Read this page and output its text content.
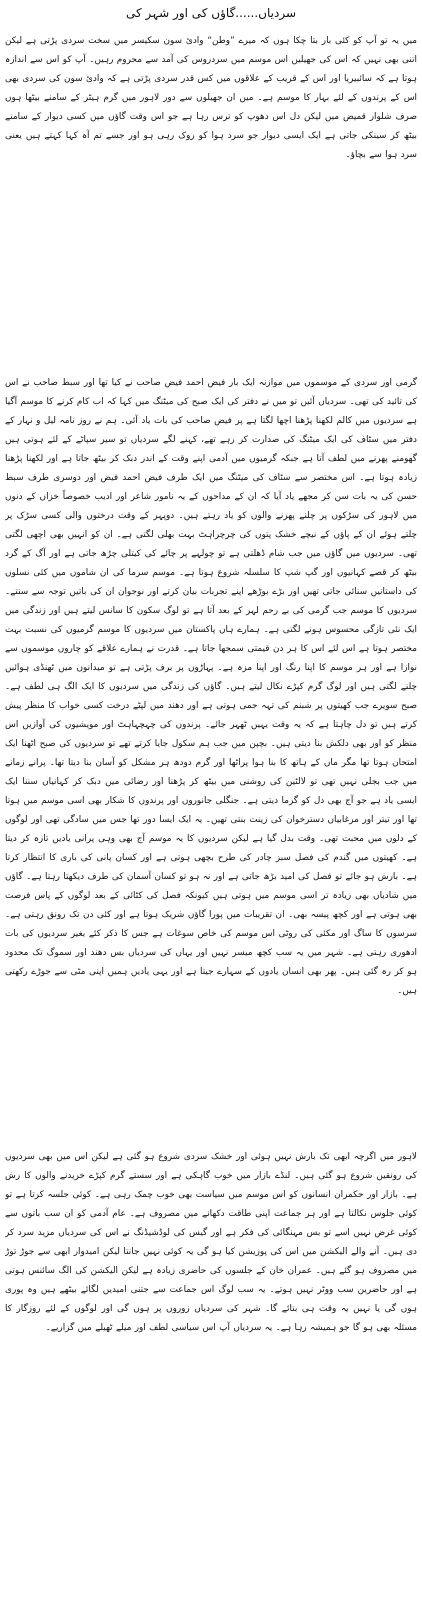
سردیاں......گاؤں کی اور شہر کی

میں یہ تو آپ کو کئی بار بتا چکا ہوں کہ میرے ”وطن“ وادیٔ سون سکیسر میں سخت سردی پڑتی ہے لیکن اتنی بھی نہیں کہ اس کی جھیلیں اس موسم میں سردروس کی آمد سے محروم رہیں۔ آپ کو اس سے اندازہ ہوتا ہے کہ سائبیریا اور اس کے قریب کے علاقوں میں کس قدر سردی پڑتی ہے کہ وادیٔ سون کی سردی بھی اس کے پرندوں کے لئے بہار کا موسم ہے۔ میں ان جھیلوں سے دور لاہور میں گرم ہیٹر کے سامنے بیٹھا ہوں صرف شلوار قمیض میں لیکن دل اس دھوپ کو ترس رہا ہے جو اس وقت گاؤں میں کسی دیوار کے سامنے بیٹھ کر سینکی جاتی ہے ایک ایسی دیوار جو سرد ہوا کو روک رہی ہو اور جسے تم آہ کہا کہتے ہیں یعنی سرد ہوا سے بچاؤ۔

گرمی اور سردی کے موسموں میں موازنہ ایک بار فیض احمد فیض صاحب نے کیا تھا اور سبط صاحب نے اس کی تائید کی تھی۔ سردیاں آئیں تو میں نے دفتر کی ایک صبح کی میٹنگ میں کہا کہ اب کام کرنے کا موسم آگیا ہے سردیوں میں کالم لکھنا پڑھنا اچھا لگتا ہے پر فیض صاحب کی بات یاد آئی۔ ہم نے روز نامہ لیل و نہار کے دفتر میں سٹاف کی ایک میٹنگ کی صدارت کر رہے تھے، کہنے لگے سردیاں تو سیر سپاٹے کے لئے ہوتی ہیں گھومنے پھرنے میں لطف آتا ہے جبکہ گرمیوں میں آدمی اپنے وقت کے اندر دبک کر بیٹھ جاتا ہے اور لکھنا پڑھنا زیادہ ہوتا ہے۔ اس مختصر سے سٹاف کی میٹنگ میں ایک طرف فیض احمد فیض اور دوسری طرف سبط حسن کی یہ بات سن کر مجھے یاد آیا کہ ان کے مداحوں کے یہ نامور شاعر اور ادیب خصوصاً خزاں کے دنوں میں لاہور کی سڑکوں پر چلنے پھرنے والوں کو یاد رہتے ہیں۔ دوپہر کے وقت درختوں والی کسی سڑک پر چلتے ہوئے ان کے پاؤں کے نیچے خشک پتوں کی چرچراہٹ بہت بھلی لگتی ہے۔ ان کو انہیں بھی اچھی لگتی تھی۔ سردیوں میں گاؤں میں جب شام ڈھلتی ہے تو چولہے پر چائے کی کیتلی چڑھ جاتی ہے اور آگ کے گرد بیٹھ کر قصے کہانیوں اور گپ شپ کا سلسلہ شروع ہوتا ہے۔ موسم سرما کی ان شاموں میں کئی نسلوں کی داستانیں سنائی جاتی تھیں اور بڑے بوڑھے اپنے تجربات بیان کرتے اور نوجوان ان کی باتیں توجہ سے سنتے۔ سردیوں کا موسم جب گرمی کی بے رحم لہر کے بعد آتا ہے تو لوگ سکون کا سانس لیتے ہیں اور زندگی میں ایک نئی تازگی محسوس ہونے لگتی ہے۔ ہمارے ہاں پاکستان میں سردیوں کا موسم گرمیوں کی نسبت بہت مختصر ہوتا ہے اس لئے اس کا ہر دن قیمتی سمجھا جاتا ہے۔ قدرت نے ہمارے علاقے کو چاروں موسموں سے نوازا ہے اور ہر موسم کا اپنا رنگ اور اپنا مزہ ہے۔ پہاڑوں پر برف پڑتی ہے تو میدانوں میں ٹھنڈی ہوائیں چلنے لگتی ہیں اور لوگ گرم کپڑے نکال لیتے ہیں۔ گاؤں کی زندگی میں سردیوں کا ایک الگ ہی لطف ہے۔ صبح سویرے جب کھیتوں پر شبنم کی تہہ جمی ہوتی ہے اور دھند میں لپٹے درخت کسی خواب کا منظر پیش کرتے ہیں تو دل چاہتا ہے کہ یہ وقت یہیں ٹھہر جائے۔ پرندوں کی چہچہاہٹ اور مویشیوں کی آوازیں اس منظر کو اور بھی دلکش بنا دیتی ہیں۔ بچپن میں جب ہم سکول جایا کرتے تھے تو سردیوں کی صبح اٹھنا ایک امتحان ہوتا تھا مگر ماں کے ہاتھ کا بنا ہوا پراٹھا اور گرم دودھ ہر مشکل کو آسان بنا دیتا تھا۔ پرانے زمانے میں جب بجلی نہیں تھی تو لالٹین کی روشنی میں بیٹھ کر پڑھنا اور رضائی میں دبک کر کہانیاں سننا ایک ایسی یاد ہے جو آج بھی دل کو گرما دیتی ہے۔ جنگلی جانوروں اور پرندوں کا شکار بھی اسی موسم میں ہوتا تھا اور تیتر اور مرغابیاں دسترخوان کی زینت بنتی تھیں۔ یہ ایک ایسا دور تھا جس میں سادگی تھی اور لوگوں کے دلوں میں محبت تھی۔ وقت بدل گیا ہے لیکن سردیوں کا یہ موسم آج بھی وہی پرانی یادیں تازہ کر دیتا ہے۔ کھیتوں میں گندم کی فصل سبز چادر کی طرح بچھی ہوتی ہے اور کسان پانی کی باری کا انتظار کرتا ہے۔ بارش ہو جائے تو فصل کی امید بڑھ جاتی ہے اور نہ ہو تو کسان آسمان کی طرف دیکھتا رہتا ہے۔ گاؤں میں شادیاں بھی زیادہ تر اسی موسم میں ہوتی ہیں کیونکہ فصل کی کٹائی کے بعد لوگوں کے پاس فرصت بھی ہوتی ہے اور کچھ پیسہ بھی۔ ان تقریبات میں پورا گاؤں شریک ہوتا ہے اور کئی دن تک رونق رہتی ہے۔ سرسوں کا ساگ اور مکئی کی روٹی اس موسم کی خاص سوغات ہے جس کا ذکر کئے بغیر سردیوں کی بات ادھوری رہتی ہے۔ شہر میں یہ سب کچھ میسر نہیں اور یہاں کی سردیاں بس دھند اور سموگ تک محدود ہو کر رہ گئی ہیں۔ پھر بھی انسان یادوں کے سہارے جیتا ہے اور یہی یادیں ہمیں اپنی مٹی سے جوڑے رکھتی ہیں۔

لاہور میں اگرچہ ابھی تک بارش نہیں ہوئی اور خشک سردی شروع ہو گئی ہے لیکن اس میں بھی سردیوں کی رونقیں شروع ہو گئی ہیں۔ لنڈے بازار میں خوب گاہکی ہے اور سستے گرم کپڑے خریدنے والوں کا رش ہے۔ بازار اور حکمران انسانوں کو اس موسم میں سیاست بھی خوب چمک رہی ہے۔ کوئی جلسہ کرتا ہے تو کوئی جلوس نکالتا ہے اور ہر جماعت اپنی طاقت دکھانے میں مصروف ہے۔ عام آدمی کو ان سب باتوں سے کوئی غرض نہیں اسے تو بس مہنگائی کی فکر ہے اور گیس کی لوڈشیڈنگ نے اس کی سردیاں مزید سرد کر دی ہیں۔ آنے والے الیکشن میں اس کی پوزیشن کیا ہو گی یہ کوئی نہیں جانتا لیکن امیدوار ابھی سے جوڑ توڑ میں مصروف ہو گئے ہیں۔ عمران خان کے جلسوں کی حاضری زیادہ ہے لیکن الیکشن کی الگ سائنس ہوتی ہے اور حاضرین سب ووٹر نہیں ہوتے۔ یہ سب لوگ اس جماعت سے جتنی امیدیں لگائے بیٹھے ہیں وہ پوری ہوں گی یا نہیں یہ وقت ہی بتائے گا۔ شہر کی سردیاں زوروں پر ہوں گی اور لوگوں کے لئے روزگار کا مسئلہ بھی ہو گا جو ہمیشہ رہا ہے۔ یہ سردیاں آپ اس سیاسی لطف اور میلے ٹھیلے میں گزاریے۔
